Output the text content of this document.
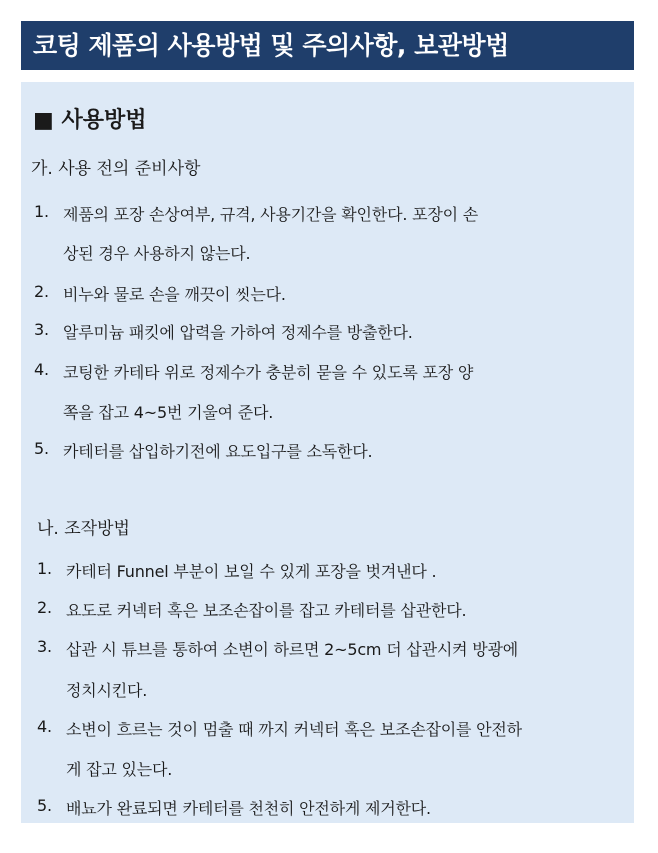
코팅 제품의 사용방법 및 주의사항, 보관방법
■ 사용방법
가. 사용 전의 준비사항
1. 제품의 포장 손상여부, 규격, 사용기간을 확인한다. 포장이 손
상된 경우 사용하지 않는다.
2. 비누와 물로 손을 깨끗이 씻는다.
3. 알루미늄 패킷에 압력을 가하여 정제수를 방출한다.
4. 코팅한 카테타 위로 정제수가 충분히 묻을 수 있도록 포장 양
쪽을 잡고 4~5번 기울여 준다.
5. 카테터를 삽입하기전에 요도입구를 소독한다.
나. 조작방법
1. 카테터 Funnel 부분이 보일 수 있게 포장을 벗겨낸다 .
2. 요도로 커넥터 혹은 보조손잡이를 잡고 카테터를 삽관한다.
3. 삽관 시 튜브를 통하여 소변이 하르면 2~5cm 더 삽관시켜 방광에
정치시킨다.
4. 소변이 흐르는 것이 멈출 때 까지 커넥터 혹은 보조손잡이를 안전하
게 잡고 있는다.
5. 배뇨가 완료되면 카테터를 천천히 안전하게 제거한다.
